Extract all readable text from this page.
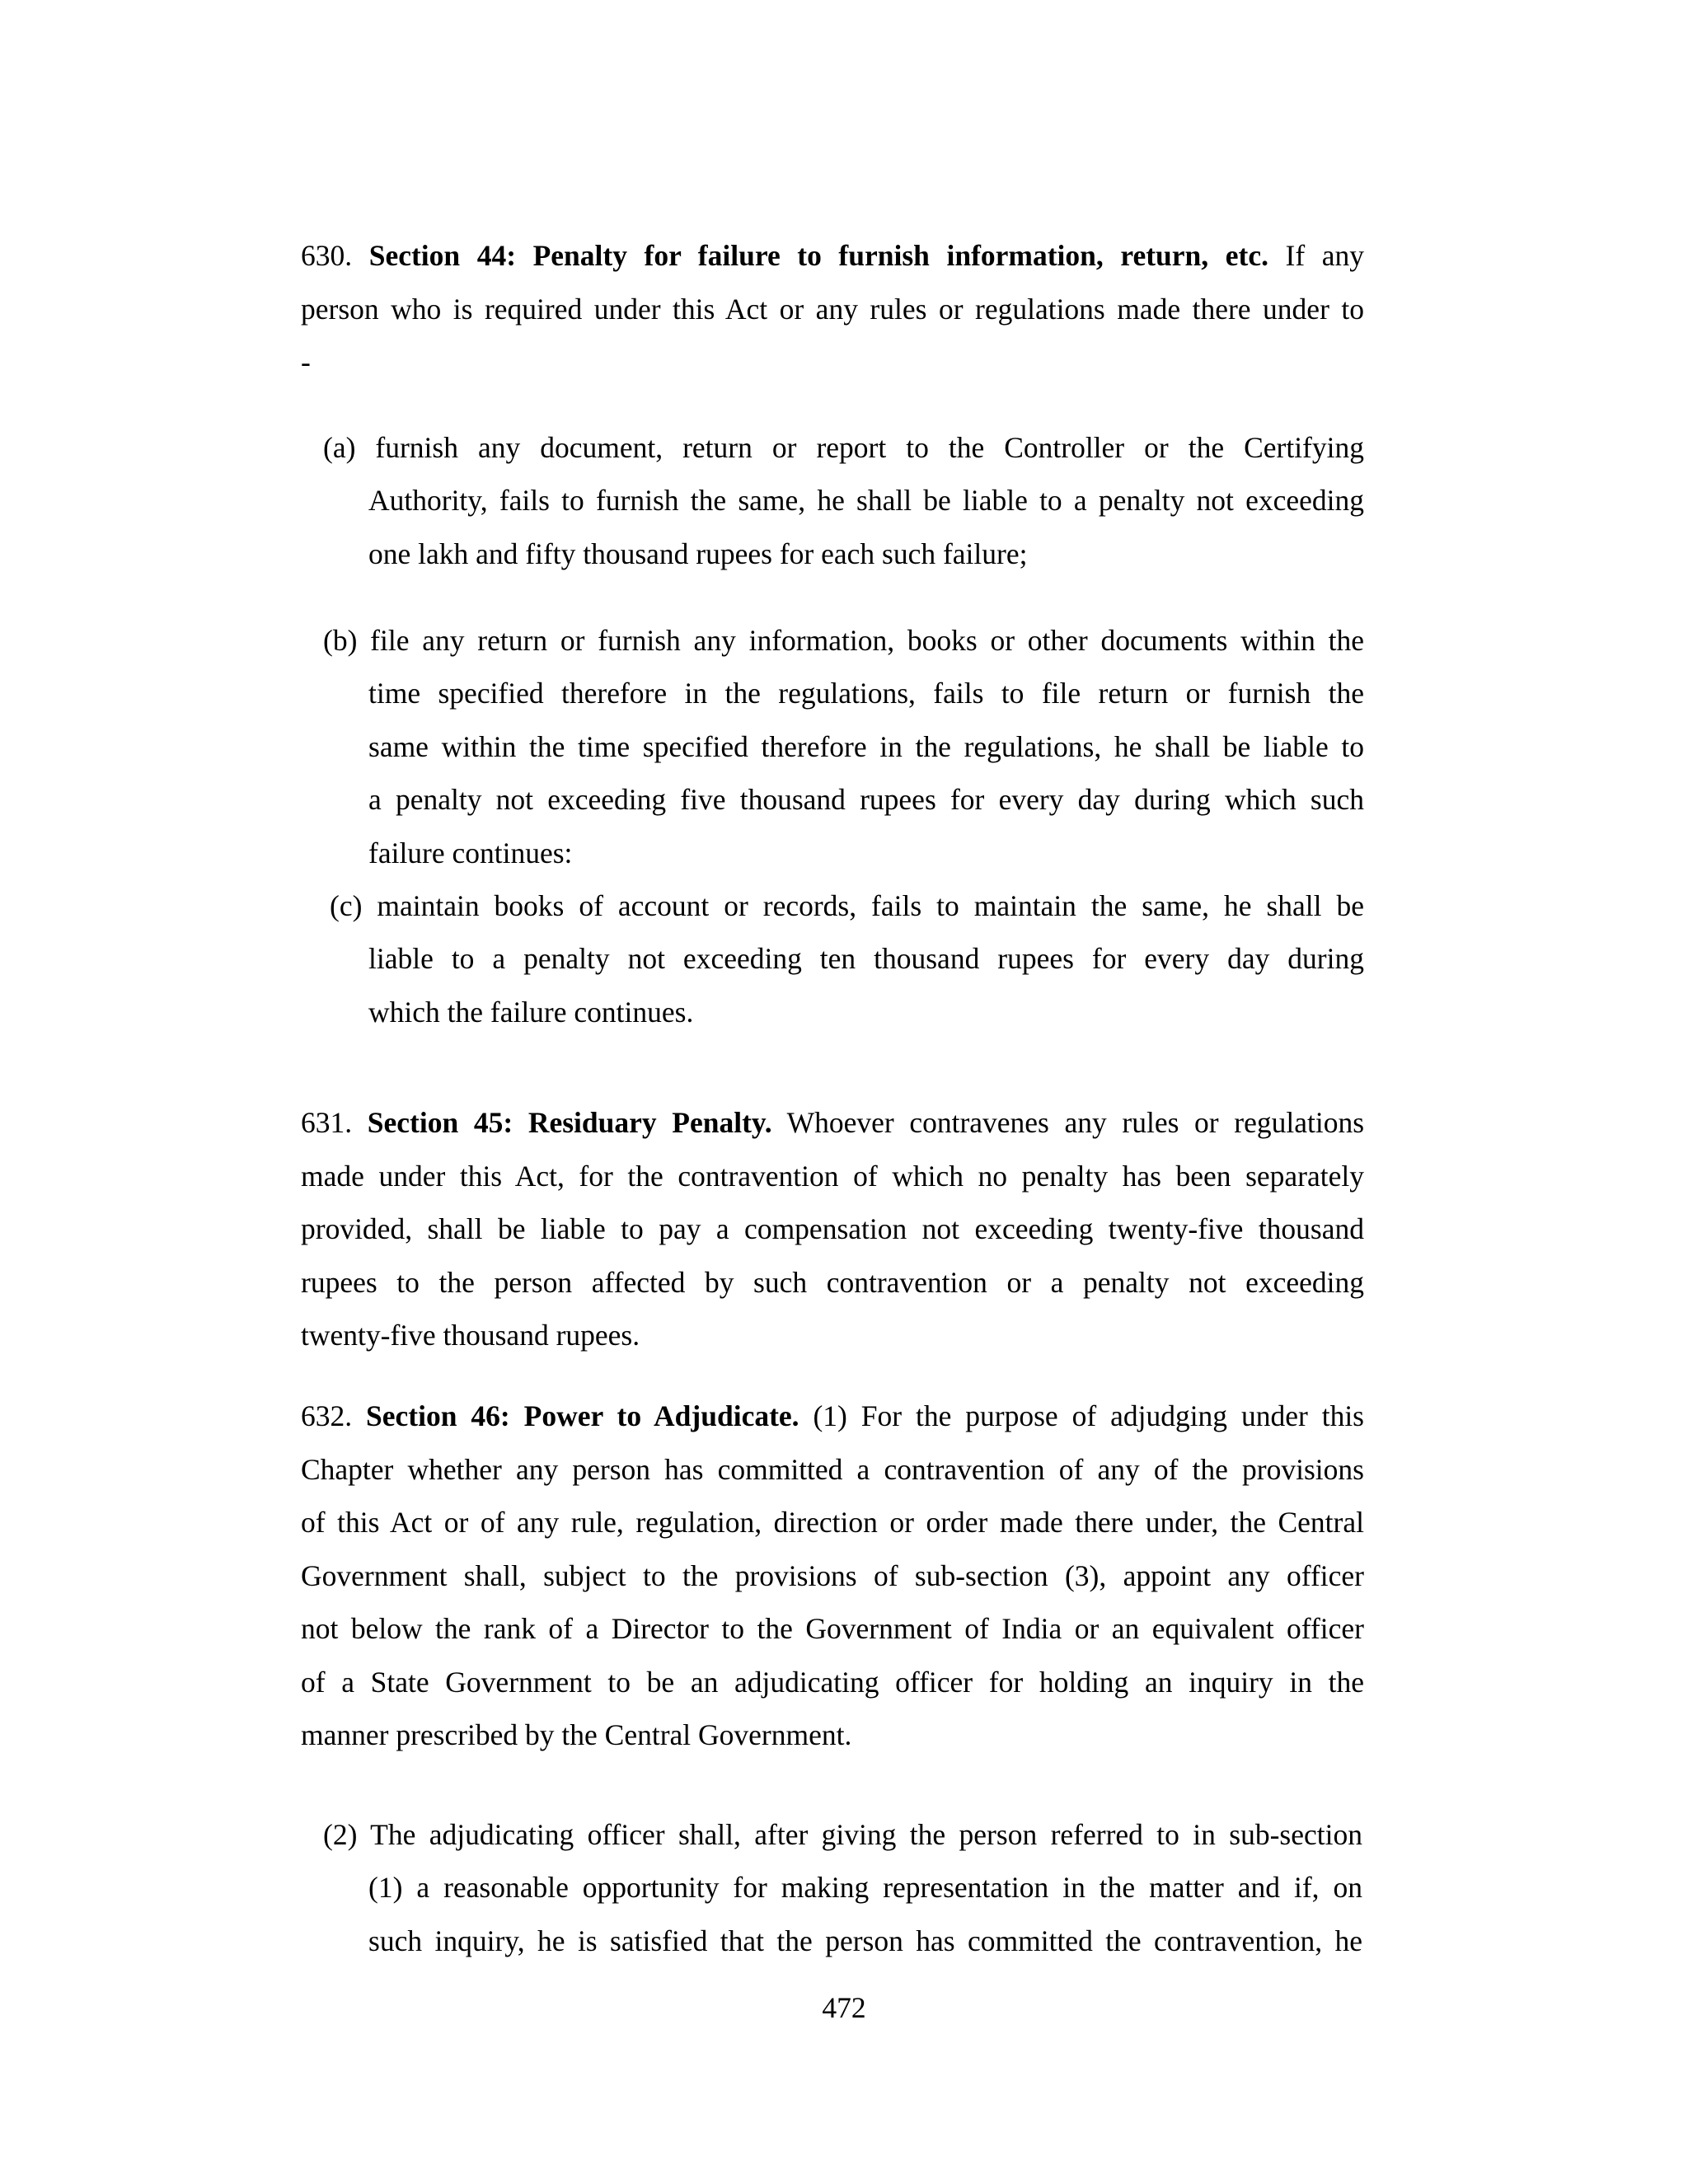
630. Section 44: Penalty for failure to furnish information, return, etc. If any
person who is required under this Act or any rules or regulations made there under to
-
(a) furnish any document, return or report to the Controller or the Certifying
Authority, fails to furnish the same, he shall be liable to a penalty not exceeding
one lakh and fifty thousand rupees for each such failure;
(b) file any return or furnish any information, books or other documents within the
time specified therefore in the regulations, fails to file return or furnish the
same within the time specified therefore in the regulations, he shall be liable to
a penalty not exceeding five thousand rupees for every day during which such
failure continues:
(c) maintain books of account or records, fails to maintain the same, he shall be
liable to a penalty not exceeding ten thousand rupees for every day during
which the failure continues.
631. Section 45: Residuary Penalty. Whoever contravenes any rules or regulations
made under this Act, for the contravention of which no penalty has been separately
provided, shall be liable to pay a compensation not exceeding twenty-five thousand
rupees to the person affected by such contravention or a penalty not exceeding
twenty-five thousand rupees.
632. Section 46: Power to Adjudicate. (1) For the purpose of adjudging under this
Chapter whether any person has committed a contravention of any of the provisions
of this Act or of any rule, regulation, direction or order made there under, the Central
Government shall, subject to the provisions of sub-section (3), appoint any officer
not below the rank of a Director to the Government of India or an equivalent officer
of a State Government to be an adjudicating officer for holding an inquiry in the
manner prescribed by the Central Government.
(2) The adjudicating officer shall, after giving the person referred to in sub-section
(1) a reasonable opportunity for making representation in the matter and if, on
such inquiry, he is satisfied that the person has committed the contravention, he
472
